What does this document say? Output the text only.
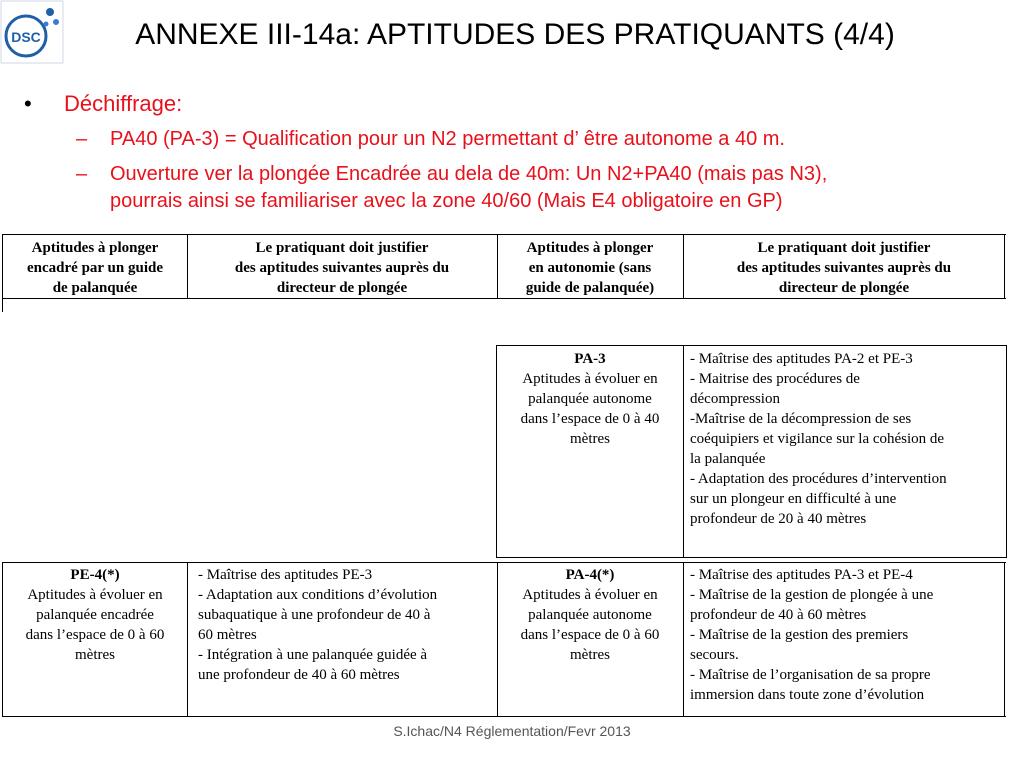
DSC	ANNEXE III-14a: APTITUDES DES PRATIQUANTS (4/4)
• Déchiffrage:
– PA40 (PA-3) = Qualification pour un N2 permettant d’ être autonome a 40 m.
– Ouverture ver la plongée Encadrée au dela de 40m: Un N2+PA40 (mais pas N3),
pourrais ainsi se familiariser avec la zone 40/60 (Mais E4 obligatoire en GP)
Aptitudes à plonger
encadré par un guide
de palanquée
Le pratiquant doit justifier
des aptitudes suivantes auprès du
directeur de plongée
Aptitudes à plonger
en autonomie (sans
guide de palanquée)
Le pratiquant doit justifier
des aptitudes suivantes auprès du
directeur de plongée
PA-3
Aptitudes à évoluer en
palanquée autonome
dans l’espace de 0 à 40
mètres
- Maîtrise des aptitudes PA-2 et PE-3
- Maitrise des procédures de
décompression
-Maîtrise de la décompression de ses
coéquipiers et vigilance sur la cohésion de
la palanquée
- Adaptation des procédures d’intervention
sur un plongeur en difficulté à une
profondeur de 20 à 40 mètres
PE-4(*)
Aptitudes à évoluer en
palanquée encadrée
dans l’espace de 0 à 60
mètres
- Maîtrise des aptitudes PE-3
- Adaptation aux conditions d’évolution
subaquatique à une profondeur de 40 à
60 mètres
- Intégration à une palanquée guidée à
une profondeur de 40 à 60 mètres
PA-4(*)
Aptitudes à évoluer en
palanquée autonome
dans l’espace de 0 à 60
mètres
- Maîtrise des aptitudes PA-3 et PE-4
- Maîtrise de la gestion de plongée à une
profondeur de 40 à 60 mètres
- Maîtrise de la gestion des premiers
secours.
- Maîtrise de l’organisation de sa propre
immersion dans toute zone d’évolution
S.Ichac/N4 Réglementation/Fevr 2013
